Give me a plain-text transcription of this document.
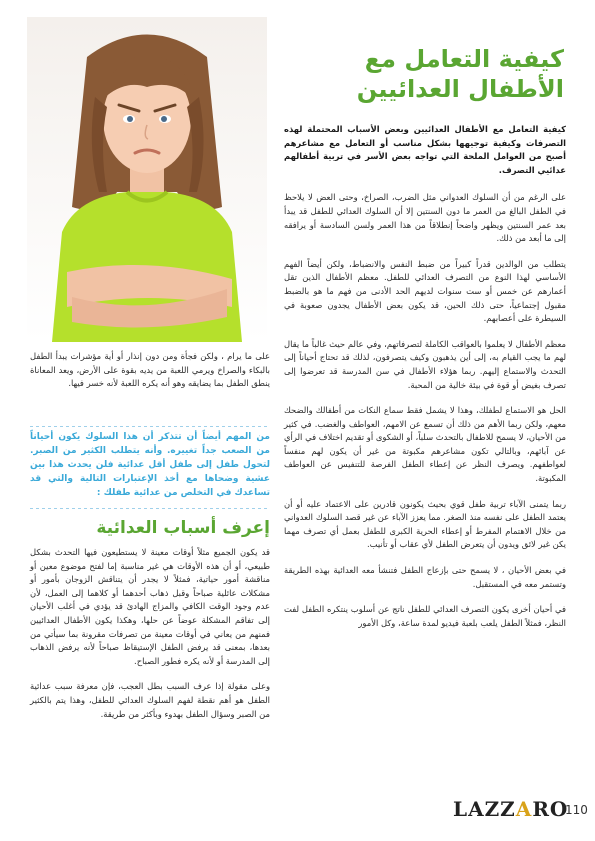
كيفية التعامل مع الأطفال العدائيين

كيفية التعامل مع الأطفال العدائيين وبعض الأسباب المحتملة لهذه التصرفات وكيفية توجيهها بشكل مناسب أو التعامل مع مشاعرهم أصبح من العوامل الملحة التي تواجه بعض الأسر في تربية أطفالهم عدائيي التصرف.

على الرغم من أن السلوك العدواني مثل الضرب، الصراخ، وحتى العض لا يلاحظ في الطفل البالغ من العمر ما دون السنتين إلا أن السلوك العدائي للطفل قد يبدأ بعد عمر السنتين ويظهر واضحاً إنطلاقاً من هذا العمر ولسن السادسة أو يرافقه إلى ما أبعد من ذلك.

يتطلب من الوالدين قدراً كبيراً من ضبط النفس والانضباط، ولكن أيضاً الفهم الأساسي لهذا النوع من التصرف العدائي للطفل. معظم الأطفال الذين تقل أعمارهم عن خمس أو ست سنوات لديهم الحد الأدنى من فهم ما هو بالضبط مقبول إجتماعياً، حتى ذلك الحين، قد يكون بعض الأطفال يجدون صعوبة في السيطرة على أعصابهم.

معظم الأطفال لا يعلموا بالعواقب الكاملة لتصرفاتهم، وفي عالم حيث غالباً ما يقال لهم ما يجب القيام به، إلى أين يذهبون وكيف يتصرفون، لذلك قد تحتاج أحياناً إلى التحدث والاستماع إليهم. ربما هؤلاء الأطفال في سن المدرسة قد تعرضوا إلى تصرف بغيض أو قوة في بيئة خالية من المحبة.

الحل هو الاستماع لطفلك، وهذا لا يشمل فقط سماع النكات من أطفالك والضحك معهم، ولكن ربما الأهم من ذلك أن تسمع عن الامهم، العواطف والغضب. في كثير من الأحيان، لا يسمح للاطفال بالتحدث سلباً، أو الشكوى أو تقديم اختلاف في الرأي عن آبائهم، وبالتالي تكون مشاعرهم مكبوتة من غير أن يكون لهم منفساً لعواطفهم. ويصرف النظر عن إعطاء الطفل الفرصة للتنفيس عن العواطف المكبوتة.

ربما يتمنى الآباء تربية طفل قوي بحيث يكونون قادرين على الاعتماد عليه أو أن يعتمد الطفل على نفسه منذ الصغر. مما يعزز الآباء عن غير قصد السلوك العدواني من خلال الاهتمام المفرط أو إعطاء الحرية الكبرى للطفل بعمل أي تصرف مهما يكن غير لائق ويدون أن يتعرض الطفل لأي عقاب أو تأنيب.

في بعض الأحيان ، لا يسمح حتى بإزعاج الطفل فتنشأ معه العدائية بهذه الطريقة وتستمر معه في المستقبل.

في أحيان أخرى يكون التصرف العدائي للطفل ناتج عن أسلوب ينتكره الطفل لفت النظر، فمثلاً الطفل يلعب بلعبة فيديو لمدة ساعة، وكل الأمور

على ما يرام ، ولكن فجأة ومن دون إنذار أو أية مؤشرات يبدأ الطفل بالبكاء والصراخ ويرمي اللعبة من يديه بقوة على الأرض، ويعد المعاناة ينطق الطفل بما يضايقه وهو أنه يكره اللعبة لأنه خسر فيها.

من المهم أيضاً أن تتذكر أن هذا السلوك يكون أحياناً من الصعب جداً تغييره. وأنه يتطلب الكثير من الصبر. لتحول طفل إلى طفل أقل عدائية فلن يحدث هذا بين عشية وضحاها مع أخذ الإعتبارات التالية والتي قد تساعدك في التخلص من عدائية طفلك :
إعرف أسباب العدائية

قد يكون الجميع مثلاً أوقات معينة لا يستطيعون فيها التحدث بشكل طبيعي، أو أن هذه الأوقات هي غير مناسبة إما لفتح موضوع معين أو مناقشة أمور حياتية، فمثلاً لا يجدر أن يتناقش الزوجان بأمور أو مشكلات عائلية صباحاً وقبل ذهاب أحدهما أو كلاهما إلى العمل، لأن عدم وجود الوقت الكافي والمزاج الهادئ قد يؤدي في أغلب الأحيان إلى تفاقم المشكلة عوضاً عن حلها، وهكذا يكون الأطفال العدائيين فمنهم من يعاني في أوقات معينة من تصرفات مقرونة بما سيأتي من بعدها، بمعنى قد يرفض الطفل الإستيقاظ صباحاً لأنه يرفض الذهاب إلى المدرسة أو لأنه يكره فطور الصباح.

وعلى مقولة إذا عرف السبب بطل العجب، فإن معرفة سبب عدائية الطفل هو أهم نقطة لفهم السلوك العدائي للطفل، وهذا يتم بالكثير من الصبر وسؤال الطفل بهدوء وبأكثر من طريقة.

LAZZARO
110
